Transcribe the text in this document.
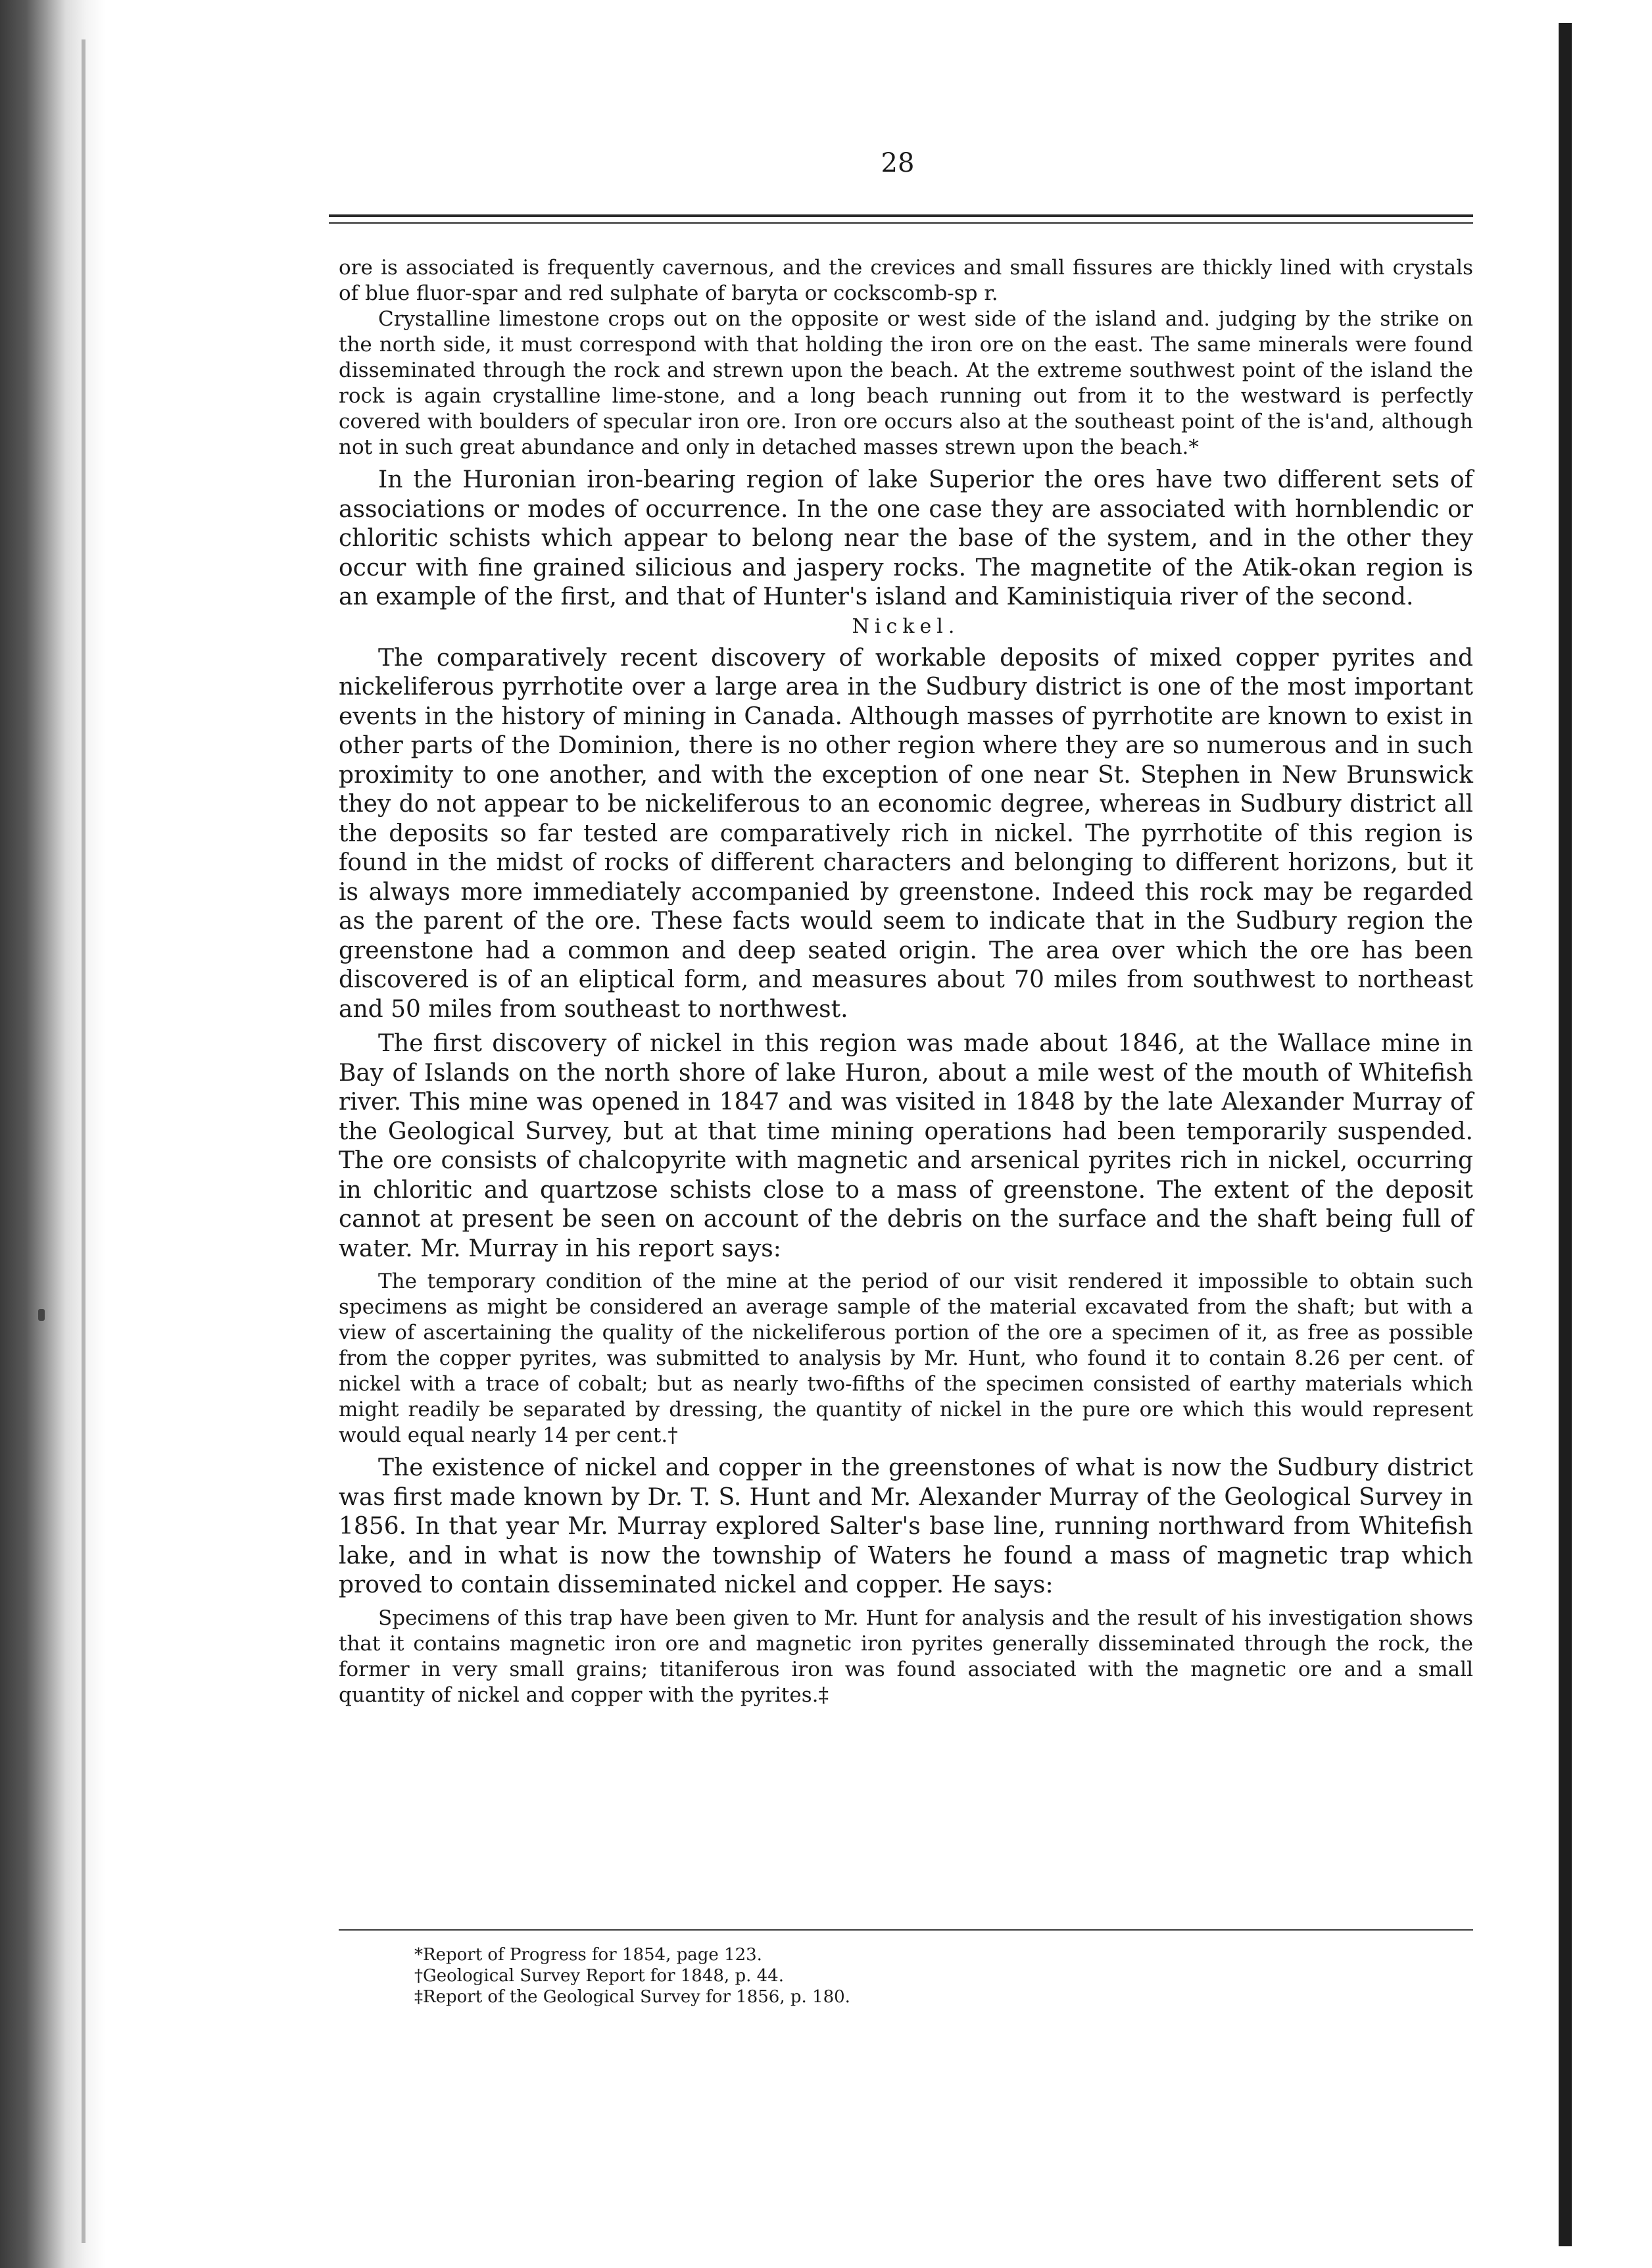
28

ore is associated is frequently cavernous, and the crevices and small fissures are thickly lined with crystals of blue fluor-spar and red sulphate of baryta or cockscomb-sp r.

Crystalline limestone crops out on the opposite or west side of the island and. judging by the strike on the north side, it must correspond with that holding the iron ore on the east. The same minerals were found disseminated through the rock and strewn upon the beach. At the extreme southwest point of the island the rock is again crystalline lime-stone, and a long beach running out from it to the westward is perfectly covered with boulders of specular iron ore. Iron ore occurs also at the southeast point of the is'and, although not in such great abundance and only in detached masses strewn upon the beach.*

In the Huronian iron-bearing region of lake Superior the ores have two different sets of associations or modes of occurrence. In the one case they are associated with hornblendic or chloritic schists which appear to belong near the base of the system, and in the other they occur with fine grained silicious and jaspery rocks. The magnetite of the Atik-okan region is an example of the first, and that of Hunter's island and Kaministiquia river of the second.

Nickel.

The comparatively recent discovery of workable deposits of mixed copper pyrites and nickeliferous pyrrhotite over a large area in the Sudbury district is one of the most important events in the history of mining in Canada. Although masses of pyrrhotite are known to exist in other parts of the Dominion, there is no other region where they are so numerous and in such proximity to one another, and with the exception of one near St. Stephen in New Brunswick they do not appear to be nickeliferous to an economic degree, whereas in Sudbury district all the deposits so far tested are comparatively rich in nickel. The pyrrhotite of this region is found in the midst of rocks of different characters and belonging to different horizons, but it is always more immediately accompanied by greenstone. Indeed this rock may be regarded as the parent of the ore. These facts would seem to indicate that in the Sudbury region the greenstone had a common and deep seated origin. The area over which the ore has been discovered is of an eliptical form, and measures about 70 miles from southwest to northeast and 50 miles from southeast to northwest.

The first discovery of nickel in this region was made about 1846, at the Wallace mine in Bay of Islands on the north shore of lake Huron, about a mile west of the mouth of Whitefish river. This mine was opened in 1847 and was visited in 1848 by the late Alexander Murray of the Geological Survey, but at that time mining operations had been temporarily suspended. The ore consists of chalcopyrite with magnetic and arsenical pyrites rich in nickel, occurring in chloritic and quartzose schists close to a mass of greenstone. The extent of the deposit cannot at present be seen on account of the debris on the surface and the shaft being full of water. Mr. Murray in his report says:

The temporary condition of the mine at the period of our visit rendered it impossible to obtain such specimens as might be considered an average sample of the material excavated from the shaft; but with a view of ascertaining the quality of the nickeliferous portion of the ore a specimen of it, as free as possible from the copper pyrites, was submitted to analysis by Mr. Hunt, who found it to contain 8.26 per cent. of nickel with a trace of cobalt; but as nearly two-fifths of the specimen consisted of earthy materials which might readily be separated by dressing, the quantity of nickel in the pure ore which this would represent would equal nearly 14 per cent.†

The existence of nickel and copper in the greenstones of what is now the Sudbury district was first made known by Dr. T. S. Hunt and Mr. Alexander Murray of the Geological Survey in 1856. In that year Mr. Murray explored Salter's base line, running northward from Whitefish lake, and in what is now the township of Waters he found a mass of magnetic trap which proved to contain disseminated nickel and copper. He says:

Specimens of this trap have been given to Mr. Hunt for analysis and the result of his investigation shows that it contains magnetic iron ore and magnetic iron pyrites generally disseminated through the rock, the former in very small grains; titaniferous iron was found associated with the magnetic ore and a small quantity of nickel and copper with the pyrites.‡

*Report of Progress for 1854, page 123.
†Geological Survey Report for 1848, p. 44.
‡Report of the Geological Survey for 1856, p. 180.
